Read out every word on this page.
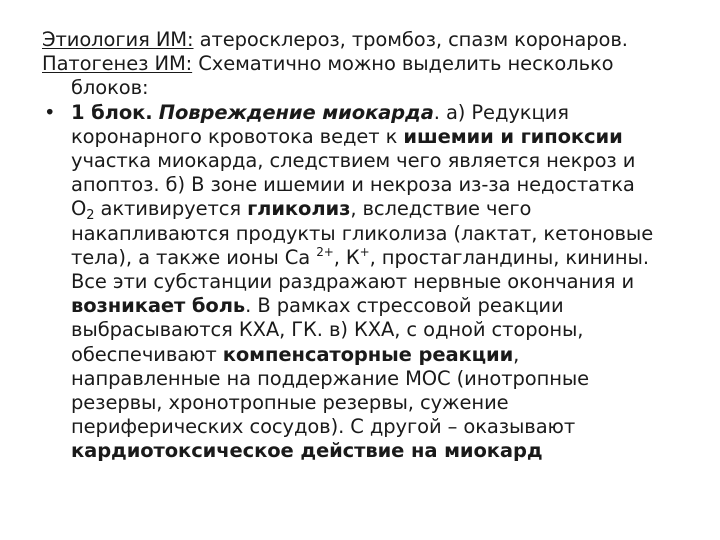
Этиология ИМ: атеросклероз, тромбоз, спазм коронаров.
Патогенез ИМ: Схематично можно выделить несколько
блоков:
• 1 блок. Повреждение миокарда. а) Редукция
коронарного кровотока ведет к ишемии и гипоксии
участка миокарда, следствием чего является некроз и
апоптоз. б) В зоне ишемии и некроза из-за недостатка
$О_2$ активируется гликолиз, вследствие чего
накапливаются продукты гликолиза (лактат, кетоновые
тела), а также ионы Са $^{2+}$, К+, простагландины, кинины.
Все эти субстанции раздражают нервные окончания и
возникает боль. В рамках стрессовой реакции
выбрасываются КХА, ГК. в) КХА, с одной стороны,
обеспечивают компенсаторные реакции,
направленные на поддержание МОС (инотропные
резервы, хронотропные резервы, сужение
периферических сосудов). С другой – оказывают
кардиотоксическое действие на миокард
